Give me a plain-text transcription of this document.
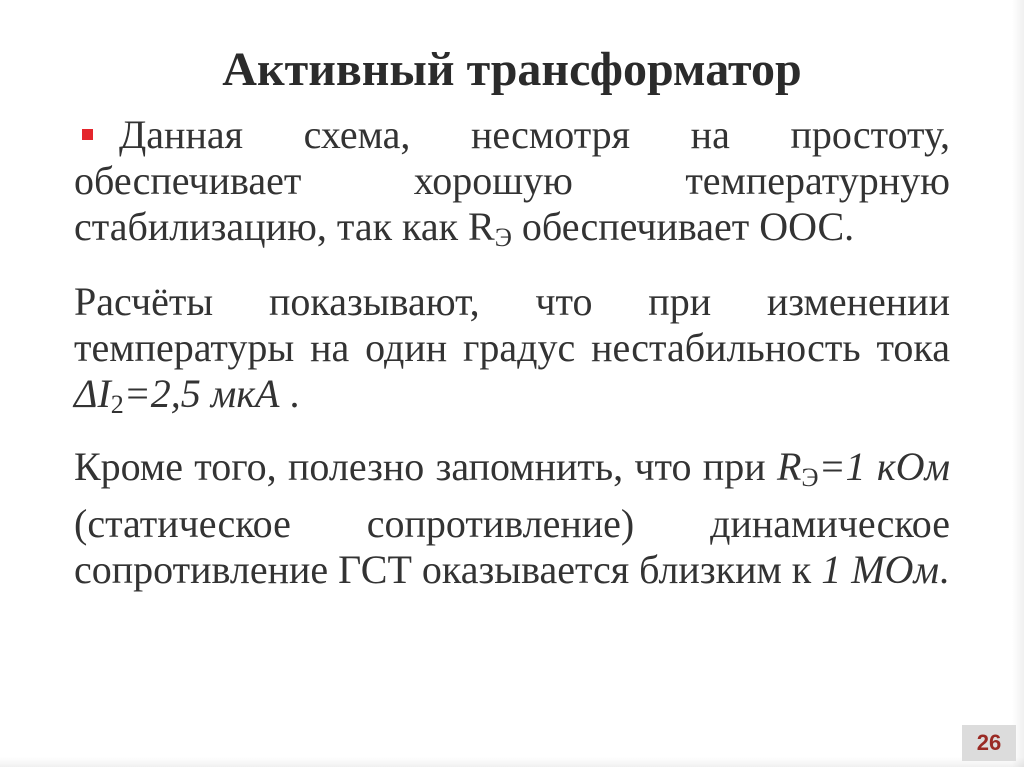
Активный трансформатор

Данная схема, несмотря на простоту, обеспечивает хорошую температурную стабилизацию, так как $R_Э$ обеспечивает ООС.

Расчёты показывают, что при изменении температуры на один градус нестабильность тока $\Delta I_2=2,5$ мкА .

Кроме того, полезно запомнить, что при $R_Э=1$ кОм (статическое сопротивление) динамическое сопротивление ГСТ оказывается близким к 1 МОм.

26
